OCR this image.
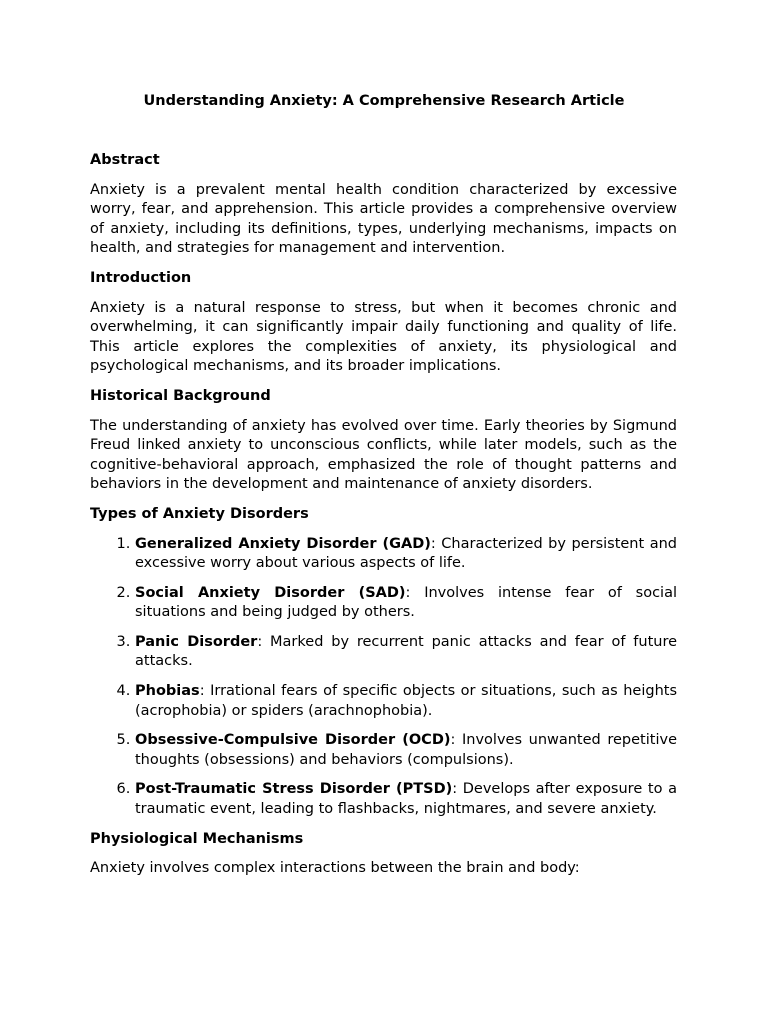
Understanding Anxiety: A Comprehensive Research Article
Abstract

Anxiety is a prevalent mental health condition characterized by excessive worry, fear, and apprehension. This article provides a comprehensive overview of anxiety, including its definitions, types, underlying mechanisms, impacts on health, and strategies for management and intervention.

Introduction

Anxiety is a natural response to stress, but when it becomes chronic and overwhelming, it can significantly impair daily functioning and quality of life. This article explores the complexities of anxiety, its physiological and psychological mechanisms, and its broader implications.

Historical Background

The understanding of anxiety has evolved over time. Early theories by Sigmund Freud linked anxiety to unconscious conflicts, while later models, such as the cognitive-behavioral approach, emphasized the role of thought patterns and behaviors in the development and maintenance of anxiety disorders.

Types of Anxiety Disorders
1. Generalized Anxiety Disorder (GAD): Characterized by persistent and excessive worry about various aspects of life.
2. Social Anxiety Disorder (SAD): Involves intense fear of social situations and being judged by others.
3. Panic Disorder: Marked by recurrent panic attacks and fear of future attacks.
4. Phobias: Irrational fears of specific objects or situations, such as heights (acrophobia) or spiders (arachnophobia).
5. Obsessive-Compulsive Disorder (OCD): Involves unwanted repetitive thoughts (obsessions) and behaviors (compulsions).
6. Post-Traumatic Stress Disorder (PTSD): Develops after exposure to a traumatic event, leading to flashbacks, nightmares, and severe anxiety.
Physiological Mechanisms

Anxiety involves complex interactions between the brain and body:
